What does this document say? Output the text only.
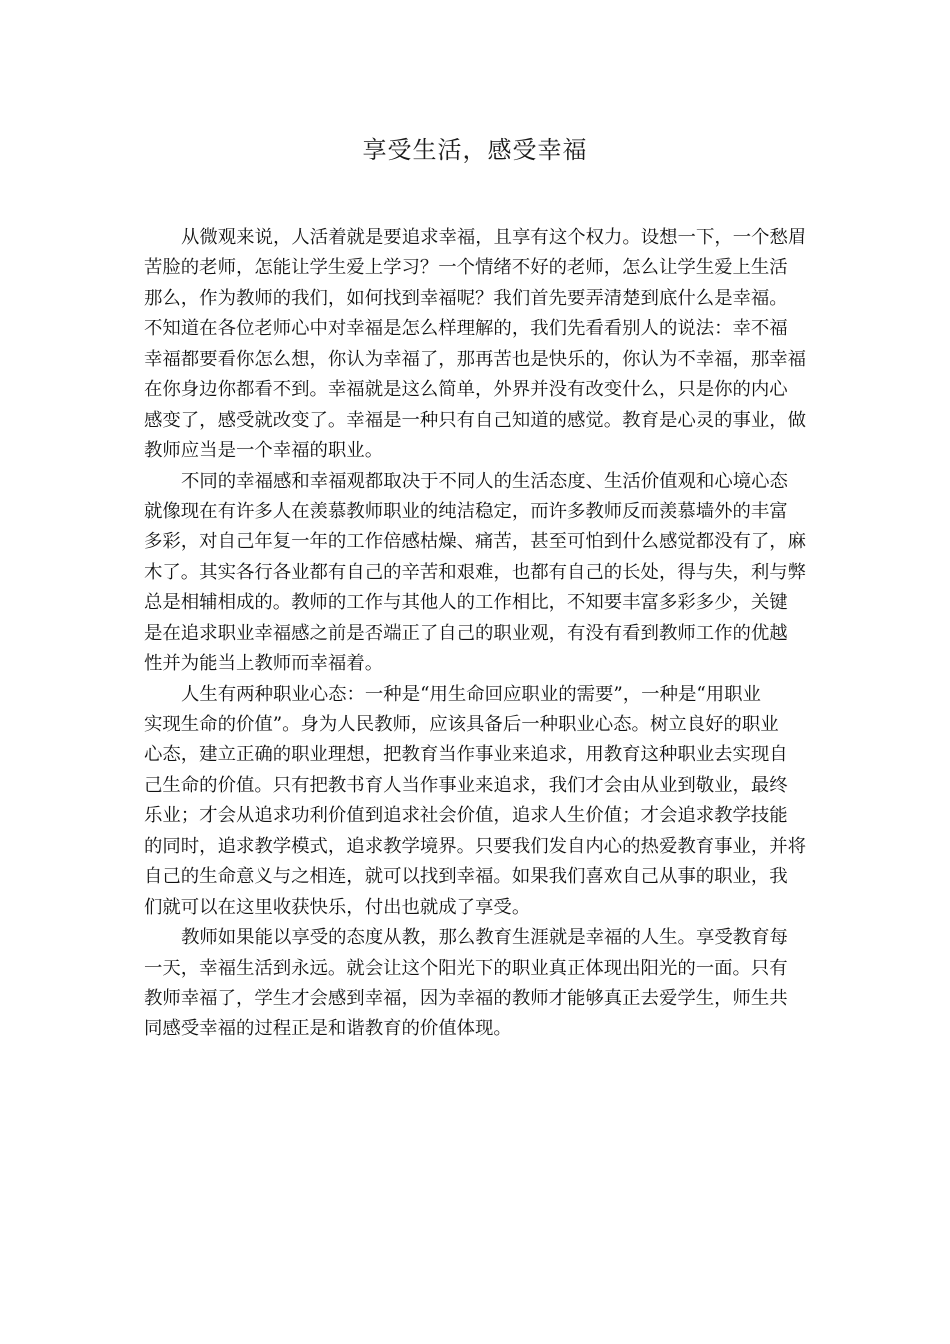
享受生活，感受幸福
从微观来说，人活着就是要追求幸福，且享有这个权力。设想一下，一个愁眉
苦脸的老师，怎能让学生爱上学习？一个情绪不好的老师，怎么让学生爱上生活
那么，作为教师的我们，如何找到幸福呢？我们首先要弄清楚到底什么是幸福。
不知道在各位老师心中对幸福是怎么样理解的，我们先看看别人的说法：幸不福
幸福都要看你怎么想，你认为幸福了，那再苦也是快乐的，你认为不幸福，那幸福
在你身边你都看不到。幸福就是这么简单，外界并没有改变什么，只是你的内心
感变了，感受就改变了。幸福是一种只有自己知道的感觉。教育是心灵的事业，做
教师应当是一个幸福的职业。
不同的幸福感和幸福观都取决于不同人的生活态度、生活价值观和心境心态
就像现在有许多人在羡慕教师职业的纯洁稳定，而许多教师反而羡慕墙外的丰富
多彩，对自己年复一年的工作倍感枯燥、痛苦，甚至可怕到什么感觉都没有了，麻
木了。其实各行各业都有自己的辛苦和艰难，也都有自己的长处，得与失，利与弊
总是相辅相成的。教师的工作与其他人的工作相比，不知要丰富多彩多少，关键
是在追求职业幸福感之前是否端正了自己的职业观，有没有看到教师工作的优越
性并为能当上教师而幸福着。
人生有两种职业心态：一种是“用生命回应职业的需要”，一种是“用职业
实现生命的价值”。身为人民教师，应该具备后一种职业心态。树立良好的职业
心态，建立正确的职业理想，把教育当作事业来追求，用教育这种职业去实现自
己生命的价值。只有把教书育人当作事业来追求，我们才会由从业到敬业，最终
乐业；才会从追求功利价值到追求社会价值，追求人生价值；才会追求教学技能
的同时，追求教学模式，追求教学境界。只要我们发自内心的热爱教育事业，并将
自己的生命意义与之相连，就可以找到幸福。如果我们喜欢自己从事的职业，我
们就可以在这里收获快乐，付出也就成了享受。
教师如果能以享受的态度从教，那么教育生涯就是幸福的人生。享受教育每
一天，幸福生活到永远。就会让这个阳光下的职业真正体现出阳光的一面。只有
教师幸福了，学生才会感到幸福，因为幸福的教师才能够真正去爱学生，师生共
同感受幸福的过程正是和谐教育的价值体现。
